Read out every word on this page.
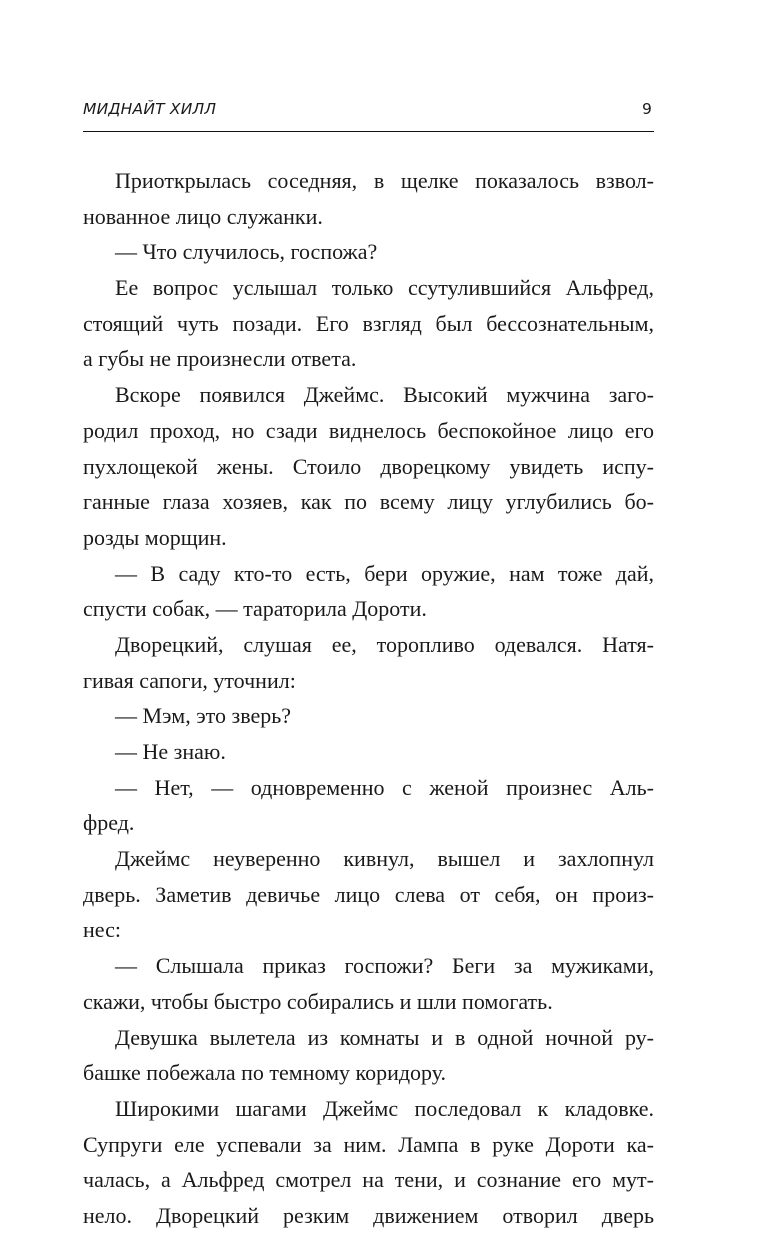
МИДНАЙТ ХИЛЛ	9
Приоткрылась соседняя, в щелке показалось взвол-
нованное лицо служанки.
— Что случилось, госпожа?
Ее вопрос услышал только ссутулившийся Альфред,
стоящий чуть позади. Его взгляд был бессознательным,
а губы не произнесли ответа.
Вскоре появился Джеймс. Высокий мужчина заго-
родил проход, но сзади виднелось беспокойное лицо его
пухлощекой жены. Стоило дворецкому увидеть испу-
ганные глаза хозяев, как по всему лицу углубились бо-
розды морщин.
— В саду кто-то есть, бери оружие, нам тоже дай,
спусти собак, — тараторила Дороти.
Дворецкий, слушая ее, торопливо одевался. Натя-
гивая сапоги, уточнил:
— Мэм, это зверь?
— Не знаю.
— Нет, — одновременно с женой произнес Аль-
фред.
Джеймс неуверенно кивнул, вышел и захлопнул
дверь. Заметив девичье лицо слева от себя, он произ-
нес:
— Слышала приказ госпожи? Беги за мужиками,
скажи, чтобы быстро собирались и шли помогать.
Девушка вылетела из комнаты и в одной ночной ру-
башке побежала по темному коридору.
Широкими шагами Джеймс последовал к кладовке.
Супруги еле успевали за ним. Лампа в руке Дороти ка-
чалась, а Альфред смотрел на тени, и сознание его мут-
нело. Дворецкий резким движением отворил дверь
